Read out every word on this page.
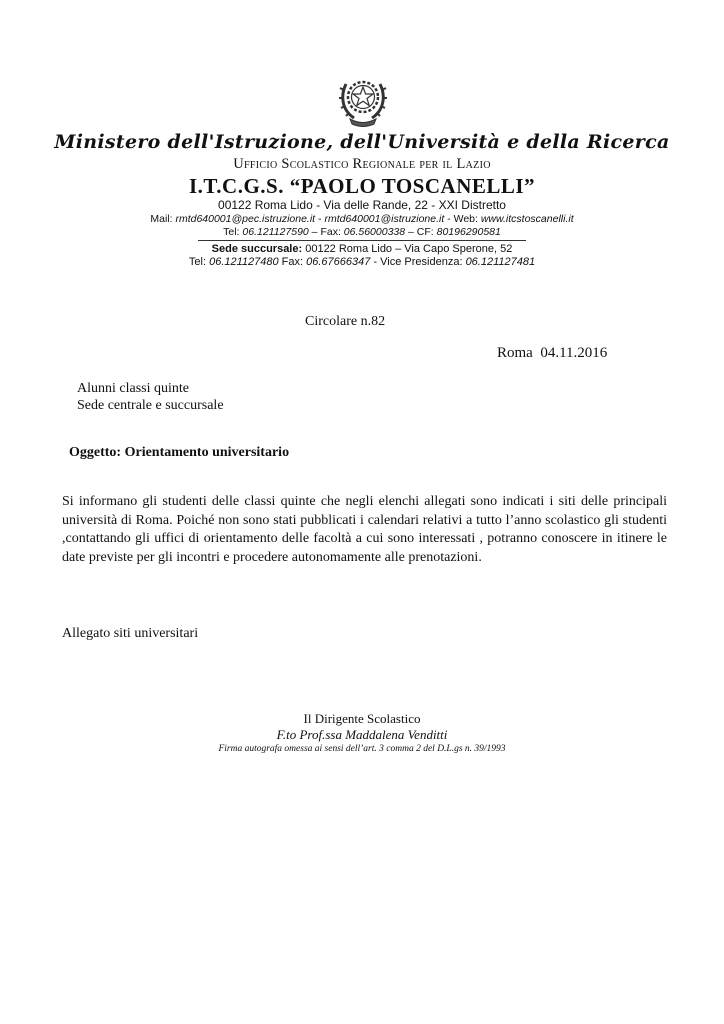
Ministero dell'Istruzione, dell'Università e della Ricerca
Ufficio Scolastico Regionale per il Lazio
I.T.C.G.S. “PAOLO TOSCANELLI”
00122 Roma Lido - Via delle Rande, 22 - XXI Distretto
Mail: rmtd640001@pec.istruzione.it - rmtd640001@istruzione.it - Web: www.itcstoscanelli.it
Tel: 06.121127590 – Fax: 06.56000338 – CF: 80196290581
Sede succursale: 00122 Roma Lido – Via Capo Sperone, 52
Tel: 06.121127480 Fax: 06.67666347 - Vice Presidenza: 06.121127481
Circolare n.82
Roma  04.11.2016
Alunni classi quinte
Sede centrale e succursale
Oggetto: Orientamento universitario

Si informano gli studenti delle classi quinte che negli elenchi allegati sono indicati i siti delle principali università di Roma. Poiché non sono stati pubblicati i calendari relativi a tutto l’anno scolastico gli studenti ,contattando gli uffici di orientamento delle facoltà a cui sono interessati , potranno conoscere in itinere le date previste per gli incontri e procedere autonomamente alle prenotazioni.

Allegato siti universitari
Il Dirigente Scolastico
F.to Prof.ssa Maddalena Venditti
Firma autografa omessa ai sensi dell’art. 3 comma 2 del D.L.gs n. 39/1993
